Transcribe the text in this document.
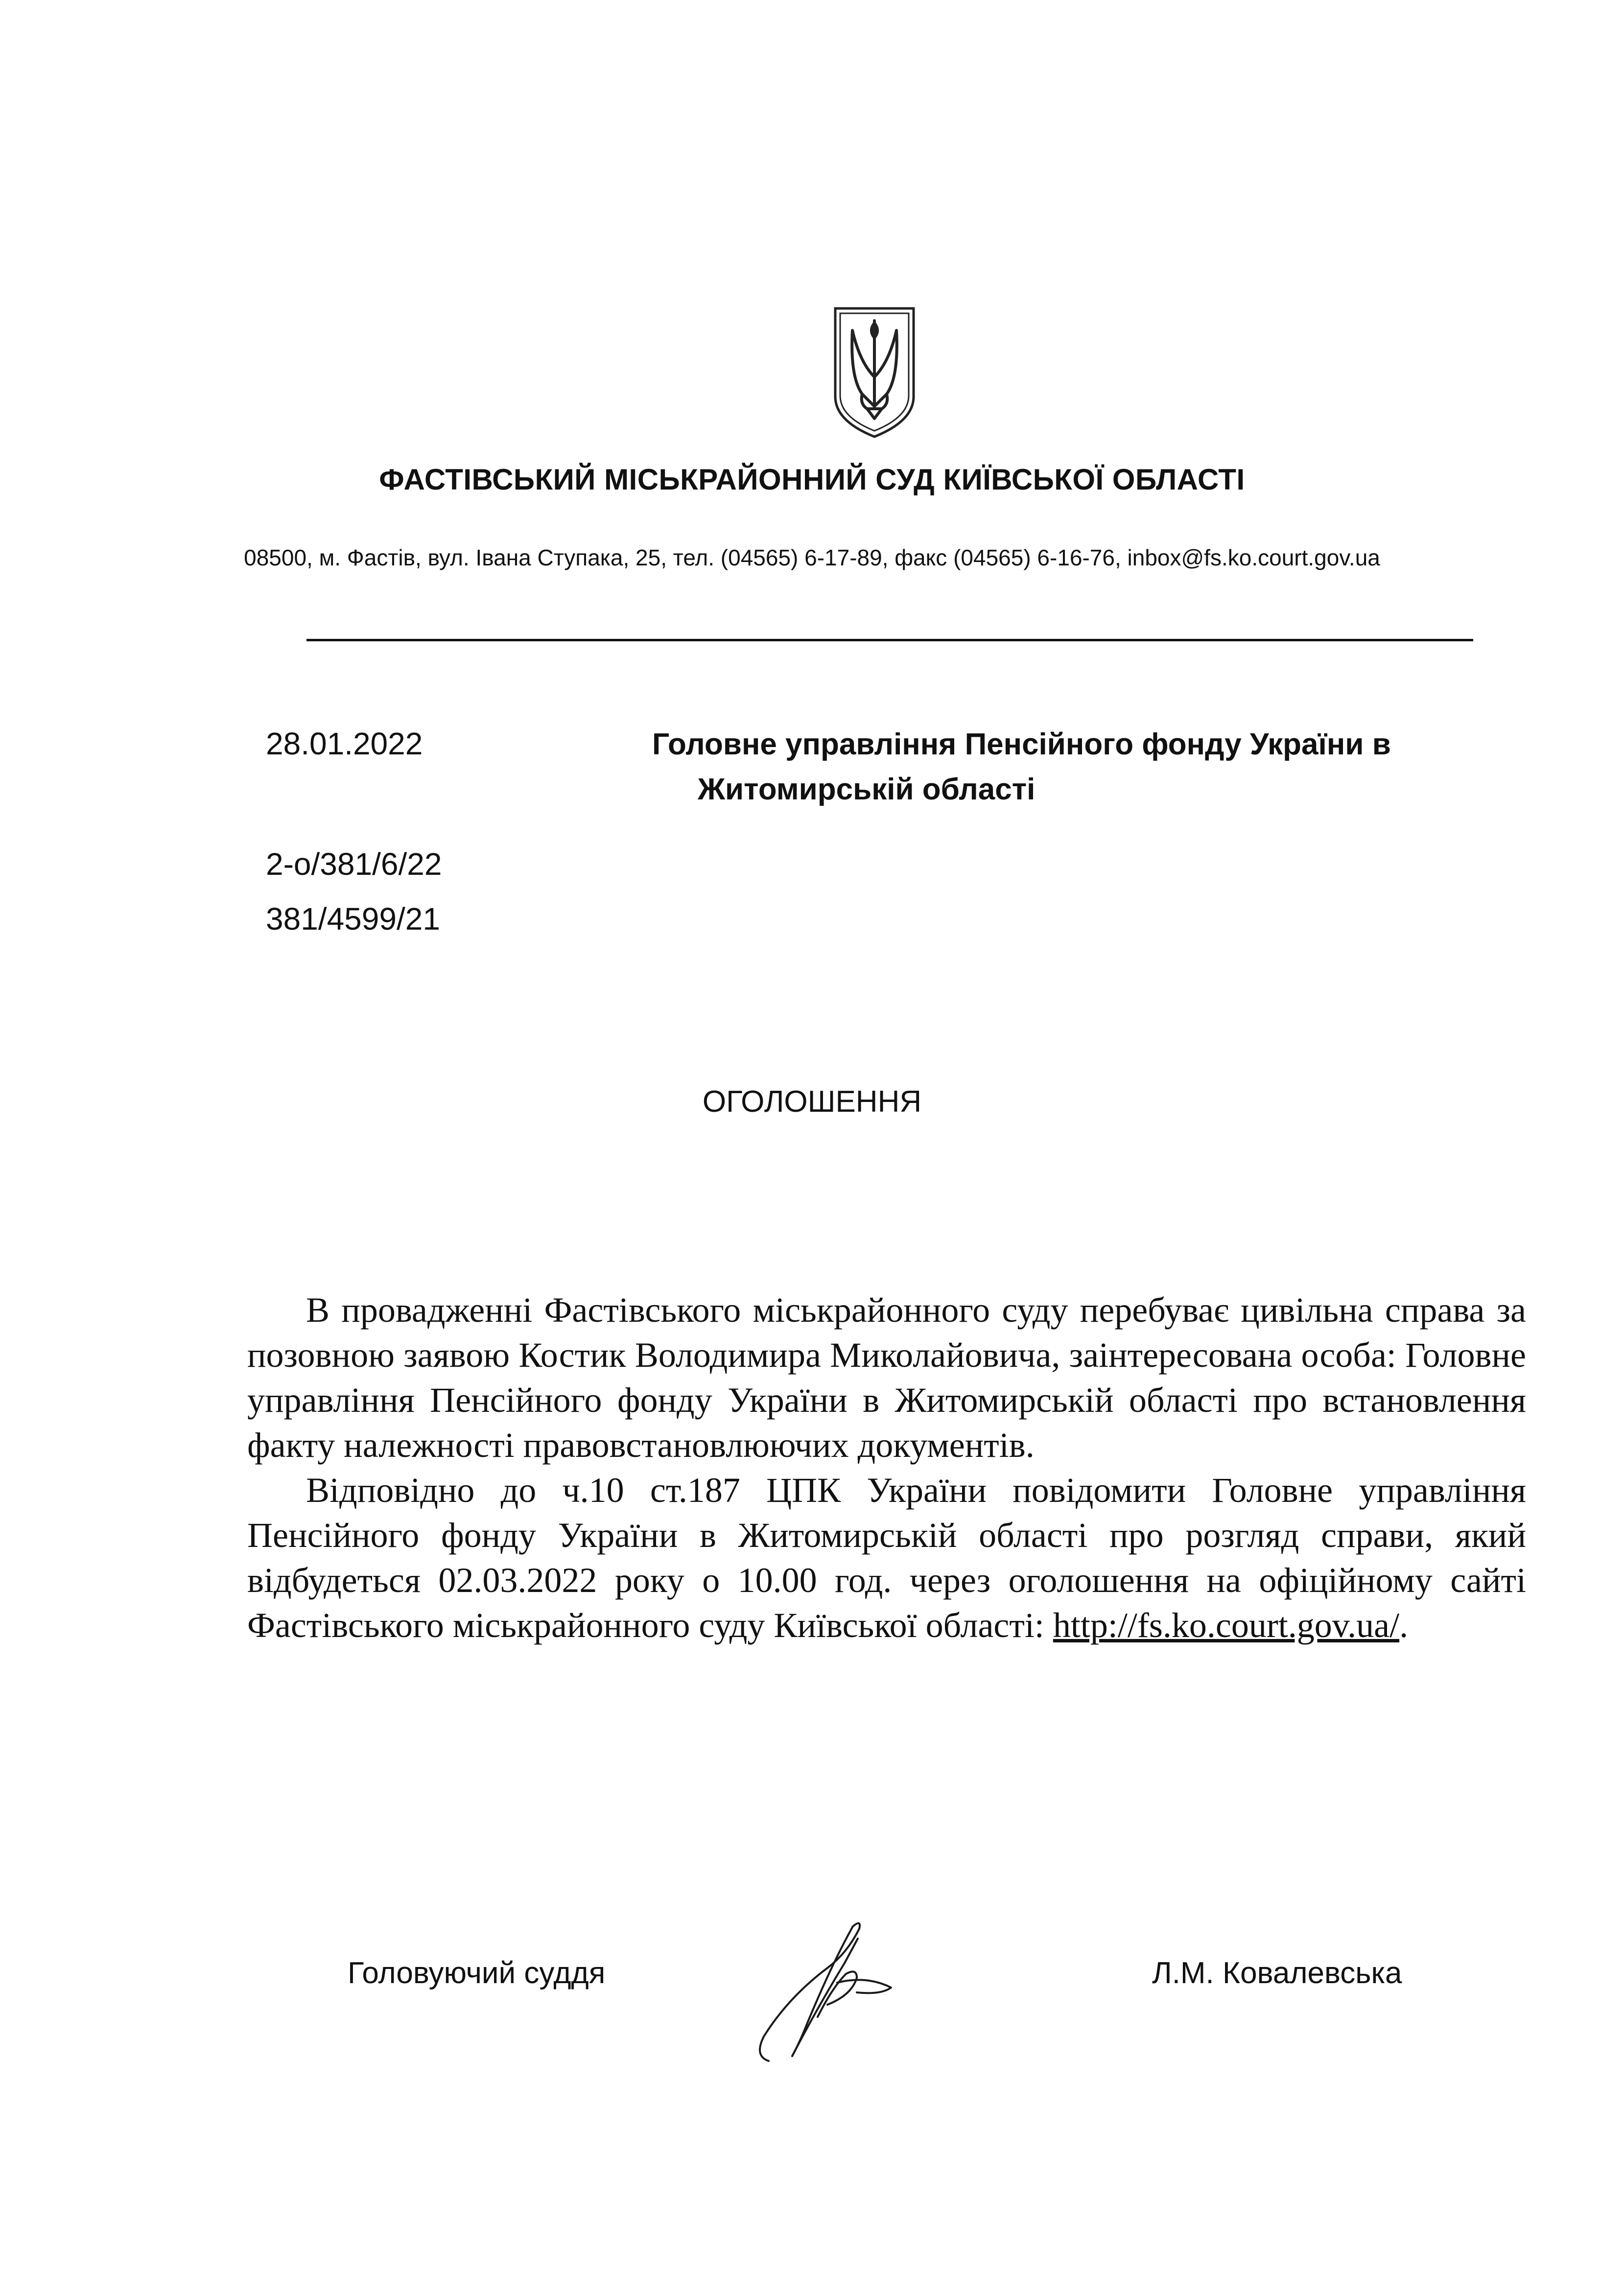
ФАСТІВСЬКИЙ МІСЬКРАЙОННИЙ СУД КИЇВСЬКОЇ ОБЛАСТІ
08500, м. Фастів, вул. Івана Ступака, 25, тел. (04565) 6-17-89, факс (04565) 6-16-76, inbox@fs.ko.court.gov.ua
28.01.2022
2-о/381/6/22
381/4599/21
Головне управління Пенсійного фонду України в
Житомирській області
ОГОЛОШЕННЯ

В провадженні Фастівського міськрайонного суду перебуває цивільна справа за позовною заявою Костик Володимира Миколайовича, заінтересована особа: Головне управління Пенсійного фонду України в Житомирській області про встановлення факту належності правовстановлюючих документів.

Відповідно до ч.10 ст.187 ЦПК України повідомити Головне управління Пенсійного фонду України в Житомирській області про розгляд справи, який відбудеться 02.03.2022 року о 10.00 год. через оголошення на офіційному сайті Фастівського міськрайонного суду Київської області: http://fs.ko.court.gov.ua/.

Головуючий суддя	Л.М. Ковалевська
